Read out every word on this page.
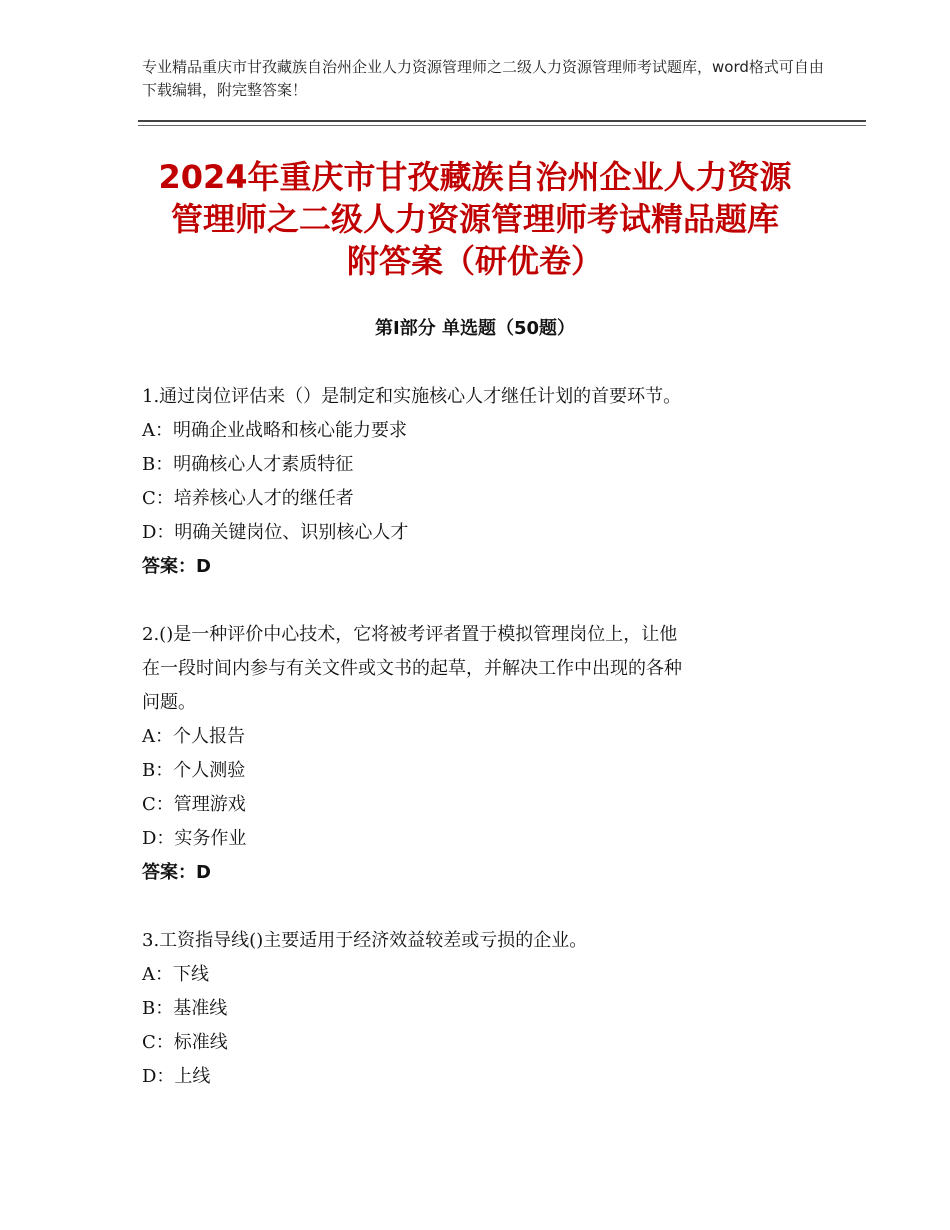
专业精品重庆市甘孜藏族自治州企业人力资源管理师之二级人力资源管理师考试题库，word格式可自由下载编辑，附完整答案！
2024年重庆市甘孜藏族自治州企业人力资源
管理师之二级人力资源管理师考试精品题库
附答案（研优卷）
第Ⅰ部分 单选题（50题）

1.通过岗位评估来（）是制定和实施核心人才继任计划的首要环节。

A：明确企业战略和核心能力要求

B：明确核心人才素质特征

C：培养核心人才的继任者

D：明确关键岗位、识别核心人才

答案：D

2.()是一种评价中心技术，它将被考评者置于模拟管理岗位上，让他

在一段时间内参与有关文件或文书的起草，并解决工作中出现的各种

问题。

A：个人报告

B：个人测验

C：管理游戏

D：实务作业

答案：D

3.工资指导线()主要适用于经济效益较差或亏损的企业。

A：下线

B：基准线

C：标准线

D：上线
